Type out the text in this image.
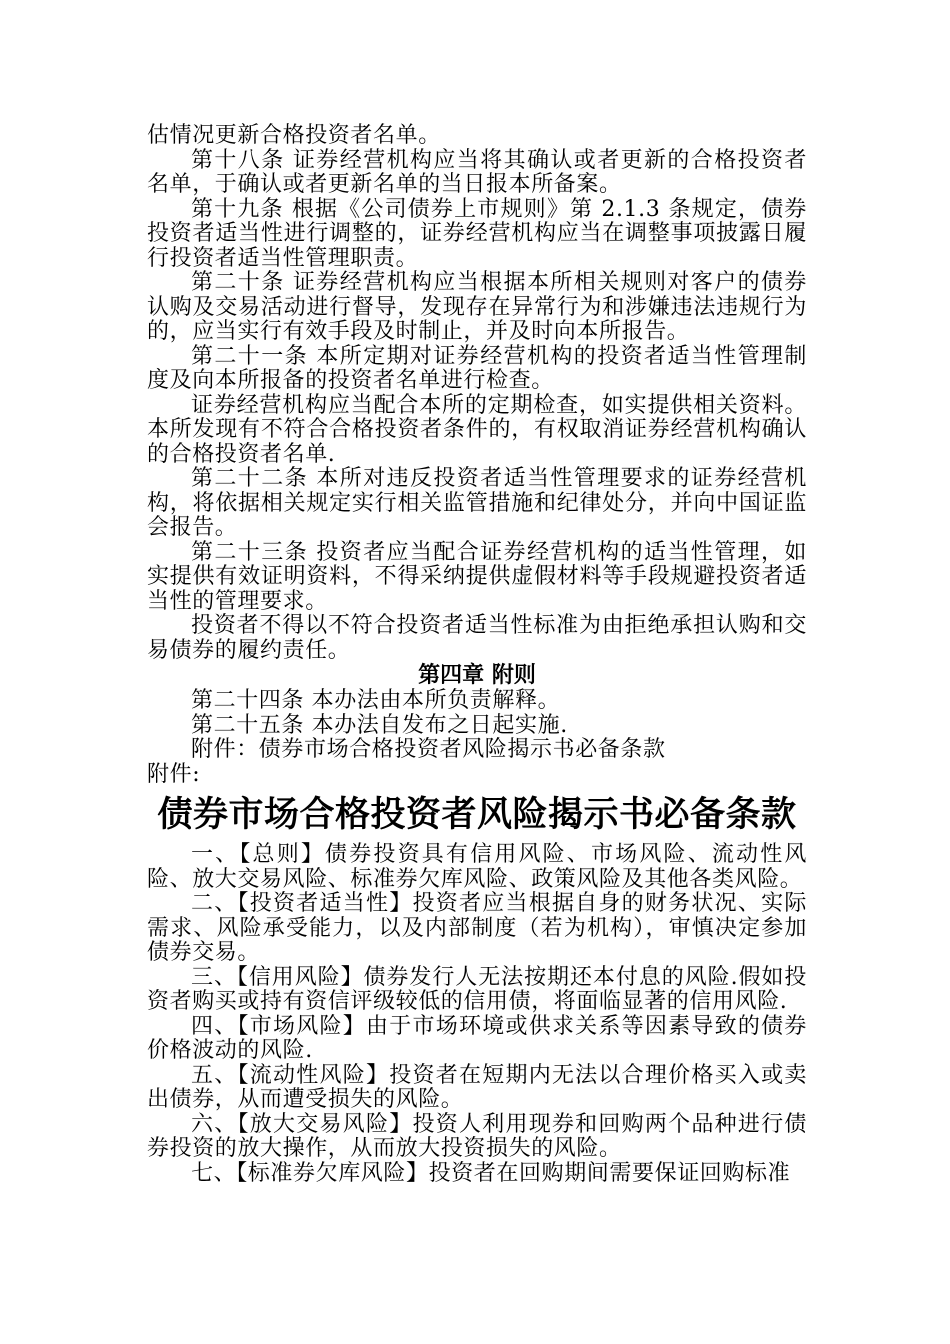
估情况更新合格投资者名单。

第十八条 证券经营机构应当将其确认或者更新的合格投资者名单，于确认或者更新名单的当日报本所备案。

第十九条 根据《公司债券上市规则》第 2.1.3 条规定，债券投资者适当性进行调整的，证券经营机构应当在调整事项披露日履行投资者适当性管理职责。

第二十条 证券经营机构应当根据本所相关规则对客户的债券认购及交易活动进行督导，发现存在异常行为和涉嫌违法违规行为的，应当实行有效手段及时制止，并及时向本所报告。

第二十一条 本所定期对证券经营机构的投资者适当性管理制度及向本所报备的投资者名单进行检查。

证券经营机构应当配合本所的定期检查，如实提供相关资料。本所发现有不符合合格投资者条件的，有权取消证券经营机构确认的合格投资者名单.

第二十二条 本所对违反投资者适当性管理要求的证券经营机构，将依据相关规定实行相关监管措施和纪律处分，并向中国证监会报告。

第二十三条 投资者应当配合证券经营机构的适当性管理，如实提供有效证明资料，不得采纳提供虚假材料等手段规避投资者适当性的管理要求。

投资者不得以不符合投资者适当性标准为由拒绝承担认购和交易债券的履约责任。

第四章 附则

第二十四条 本办法由本所负责解释。

第二十五条 本办法自发布之日起实施.

附件：债券市场合格投资者风险揭示书必备条款

附件:

债券市场合格投资者风险揭示书必备条款

一、【总则】债券投资具有信用风险、市场风险、流动性风险、放大交易风险、标准券欠库风险、政策风险及其他各类风险。

二、【投资者适当性】投资者应当根据自身的财务状况、实际需求、风险承受能力，以及内部制度（若为机构），审慎决定参加债券交易。

三、【信用风险】债券发行人无法按期还本付息的风险.假如投资者购买或持有资信评级较低的信用债，将面临显著的信用风险.

四、【市场风险】由于市场环境或供求关系等因素导致的债券价格波动的风险.

五、【流动性风险】投资者在短期内无法以合理价格买入或卖出债券，从而遭受损失的风险。

六、【放大交易风险】投资人利用现券和回购两个品种进行债券投资的放大操作，从而放大投资损失的风险。

七、【标准券欠库风险】投资者在回购期间需要保证回购标准
